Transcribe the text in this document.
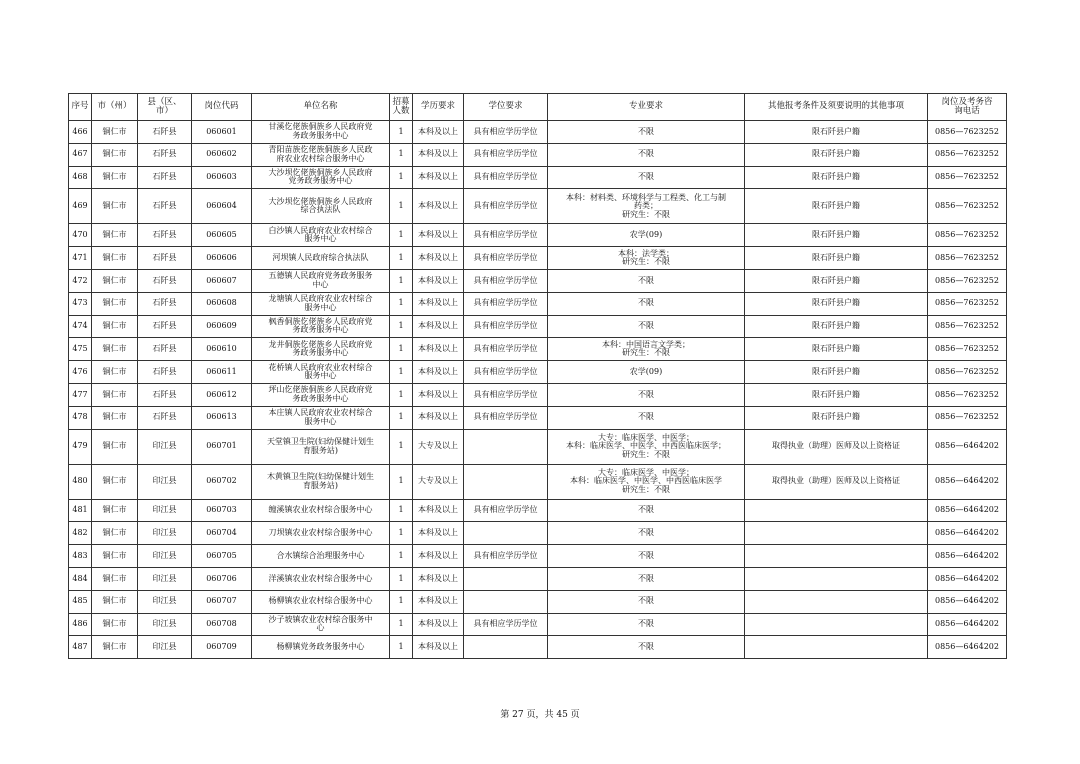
序号	市（州）	县（区、
市）	岗位代码	单位名称	招募
人数	学历要求	学位要求	专业要求	其他报考条件及须要说明的其他事项	岗位及考务咨
询电话
466	铜仁市	石阡县	060601	甘溪仡佬族侗族乡人民政府党
务政务服务中心	1	本科及以上	具有相应学历学位	不限	限石阡县户籍	0856—7623252
467	铜仁市	石阡县	060602	青阳苗族仡佬族侗族乡人民政
府农业农村综合服务中心	1	本科及以上	具有相应学历学位	不限	限石阡县户籍	0856—7623252
468	铜仁市	石阡县	060603	大沙坝仡佬族侗族乡人民政府
党务政务服务中心	1	本科及以上	具有相应学历学位	不限	限石阡县户籍	0856—7623252
469	铜仁市	石阡县	060604	大沙坝仡佬族侗族乡人民政府
综合执法队	1	本科及以上	具有相应学历学位	本科：材料类、环境科学与工程类、化工与制
药类；
研究生：不限	限石阡县户籍	0856—7623252
470	铜仁市	石阡县	060605	白沙镇人民政府农业农村综合
服务中心	1	本科及以上	具有相应学历学位	农学(09)	限石阡县户籍	0856—7623252
471	铜仁市	石阡县	060606	河坝镇人民政府综合执法队	1	本科及以上	具有相应学历学位	本科：法学类；
研究生：不限	限石阡县户籍	0856—7623252
472	铜仁市	石阡县	060607	五德镇人民政府党务政务服务
中心	1	本科及以上	具有相应学历学位	不限	限石阡县户籍	0856—7623252
473	铜仁市	石阡县	060608	龙塘镇人民政府农业农村综合
服务中心	1	本科及以上	具有相应学历学位	不限	限石阡县户籍	0856—7623252
474	铜仁市	石阡县	060609	枫香侗族仡佬族乡人民政府党
务政务服务中心	1	本科及以上	具有相应学历学位	不限	限石阡县户籍	0856—7623252
475	铜仁市	石阡县	060610	龙井侗族仡佬族乡人民政府党
务政务服务中心	1	本科及以上	具有相应学历学位	本科：中国语言文学类；
研究生：不限	限石阡县户籍	0856—7623252
476	铜仁市	石阡县	060611	花桥镇人民政府农业农村综合
服务中心	1	本科及以上	具有相应学历学位	农学(09)	限石阡县户籍	0856—7623252
477	铜仁市	石阡县	060612	坪山仡佬族侗族乡人民政府党
务政务服务中心	1	本科及以上	具有相应学历学位	不限	限石阡县户籍	0856—7623252
478	铜仁市	石阡县	060613	本庄镇人民政府农业农村综合
服务中心	1	本科及以上	具有相应学历学位	不限	限石阡县户籍	0856—7623252
479	铜仁市	印江县	060701	天堂镇卫生院(妇幼保健计划生
育服务站)	1	大专及以上		大专：临床医学、中医学；
本科：临床医学、中医学、中西医临床医学；
研究生：不限	取得执业（助理）医师及以上资格证	0856—6464202
480	铜仁市	印江县	060702	木黄镇卫生院(妇幼保健计划生
育服务站)	1	大专及以上		大专：临床医学、中医学；
本科：临床医学、中医学、中西医临床医学
研究生：不限	取得执业（助理）医师及以上资格证	0856—6464202
481	铜仁市	印江县	060703	缠溪镇农业农村综合服务中心	1	本科及以上	具有相应学历学位	不限		0856—6464202
482	铜仁市	印江县	060704	刀坝镇农业农村综合服务中心	1	本科及以上		不限		0856—6464202
483	铜仁市	印江县	060705	合水镇综合治理服务中心	1	本科及以上	具有相应学历学位	不限		0856—6464202
484	铜仁市	印江县	060706	洋溪镇农业农村综合服务中心	1	本科及以上		不限		0856—6464202
485	铜仁市	印江县	060707	杨柳镇农业农村综合服务中心	1	本科及以上		不限		0856—6464202
486	铜仁市	印江县	060708	沙子坡镇农业农村综合服务中
心	1	本科及以上	具有相应学历学位	不限		0856—6464202
487	铜仁市	印江县	060709	杨柳镇党务政务服务中心	1	本科及以上		不限		0856—6464202
第 27 页，共 45 页
